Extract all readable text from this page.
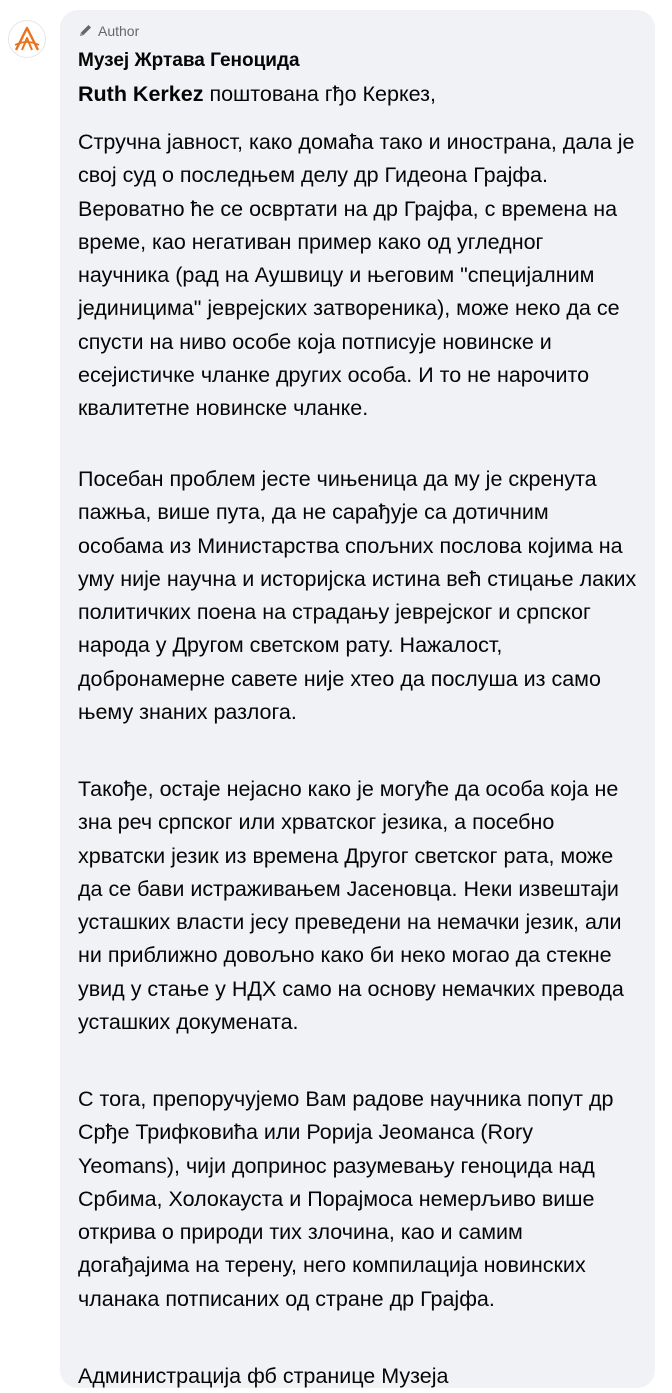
Author
Музеј Жртава Геноцида
Ruth Kerkez поштована гђо Керкез,

Стручна јавност, како домаћа тако и иностранa, дала је свој суд о последњем делу др Гидеона Грајфа. Вероватно ће се освртати на др Грајфа, с времена на време, као негативан пример како од угледног научника (рад на Аушвицу и његовим "специјалним јединицима" јеврејских затвореника), може неко да се спусти на ниво особе која потписује новинске и есејистичке чланке других особа. И то не нарочито квалитетне новинске чланке.

Посебан проблем јесте чињеница да му је скренута пажња, више пута, да не сарађује са дотичним особама из Министарства спољних послова којима на уму није научна и историјска истина већ стицање лаких политичких поена на страдању јеврејског и српског народа у Другом светском рату. Нажалост, добронамерне савете није хтео да послуша из само њему знаних разлога.

Такође, остаје нејасно како је могуће да особа која не зна реч српског или хрватског језика, а посебно хрватски језик из времена Другог светског рата, може да се бави истраживањем Јасеновца. Неки извештаји усташких власти јесу преведени на немачки језик, али ни приближно довољно како би неко могао да стекне увид у стање у НДХ само на основу немачких превода усташких докумената.

С тога, препоручујемо Вам радове научника попут др Срђе Трифковића или Рорија Јеоманса (Rory Yeomans), чији допринос разумевању геноцида над Србима, Холокауста и Порајмоса немерљиво више открива о природи тих злочина, као и самим догађајима на терену, него компилација новинских чланака потписаних од стране др Грајфа.

Администрација фб странице Музеја
